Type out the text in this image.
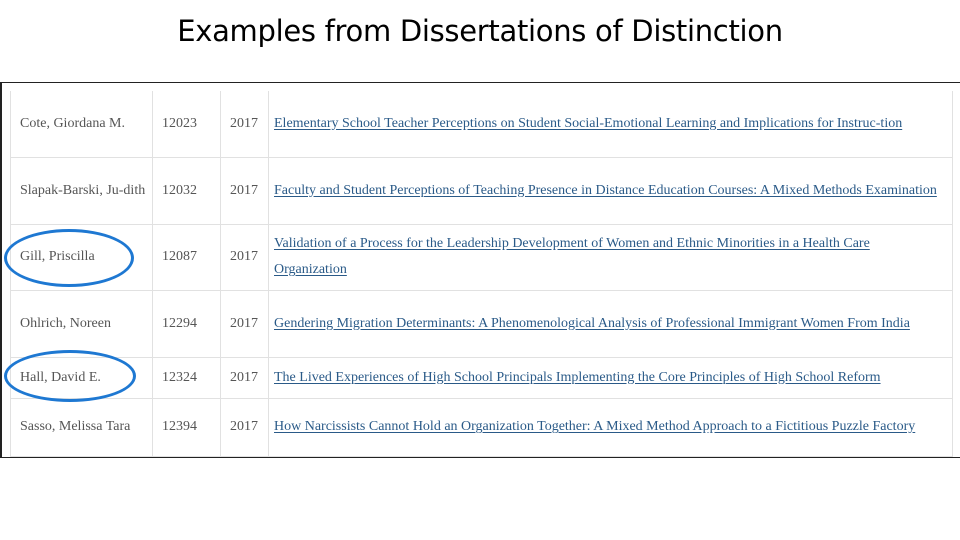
Examples from Dissertations of Distinction
Cote, Giordana M.	12023	2017	Elementary School Teacher Perceptions on Student Social-Emotional Learning and Implications for Instruc-tion
Slapak-Barski, Ju-dith	12032	2017	Faculty and Student Perceptions of Teaching Presence in Distance Education Courses: A Mixed Methods Examination
Gill, Priscilla	12087	2017	Validation of a Process for the Leadership Development of Women and Ethnic Minorities in a Health Care Organization
Ohlrich, Noreen	12294	2017	Gendering Migration Determinants: A Phenomenological Analysis of Professional Immigrant Women From India
Hall, David E.	12324	2017	The Lived Experiences of High School Principals Implementing the Core Principles of High School Reform
Sasso, Melissa Tara	12394	2017	How Narcissists Cannot Hold an Organization Together: A Mixed Method Approach to a Fictitious Puzzle Factory
